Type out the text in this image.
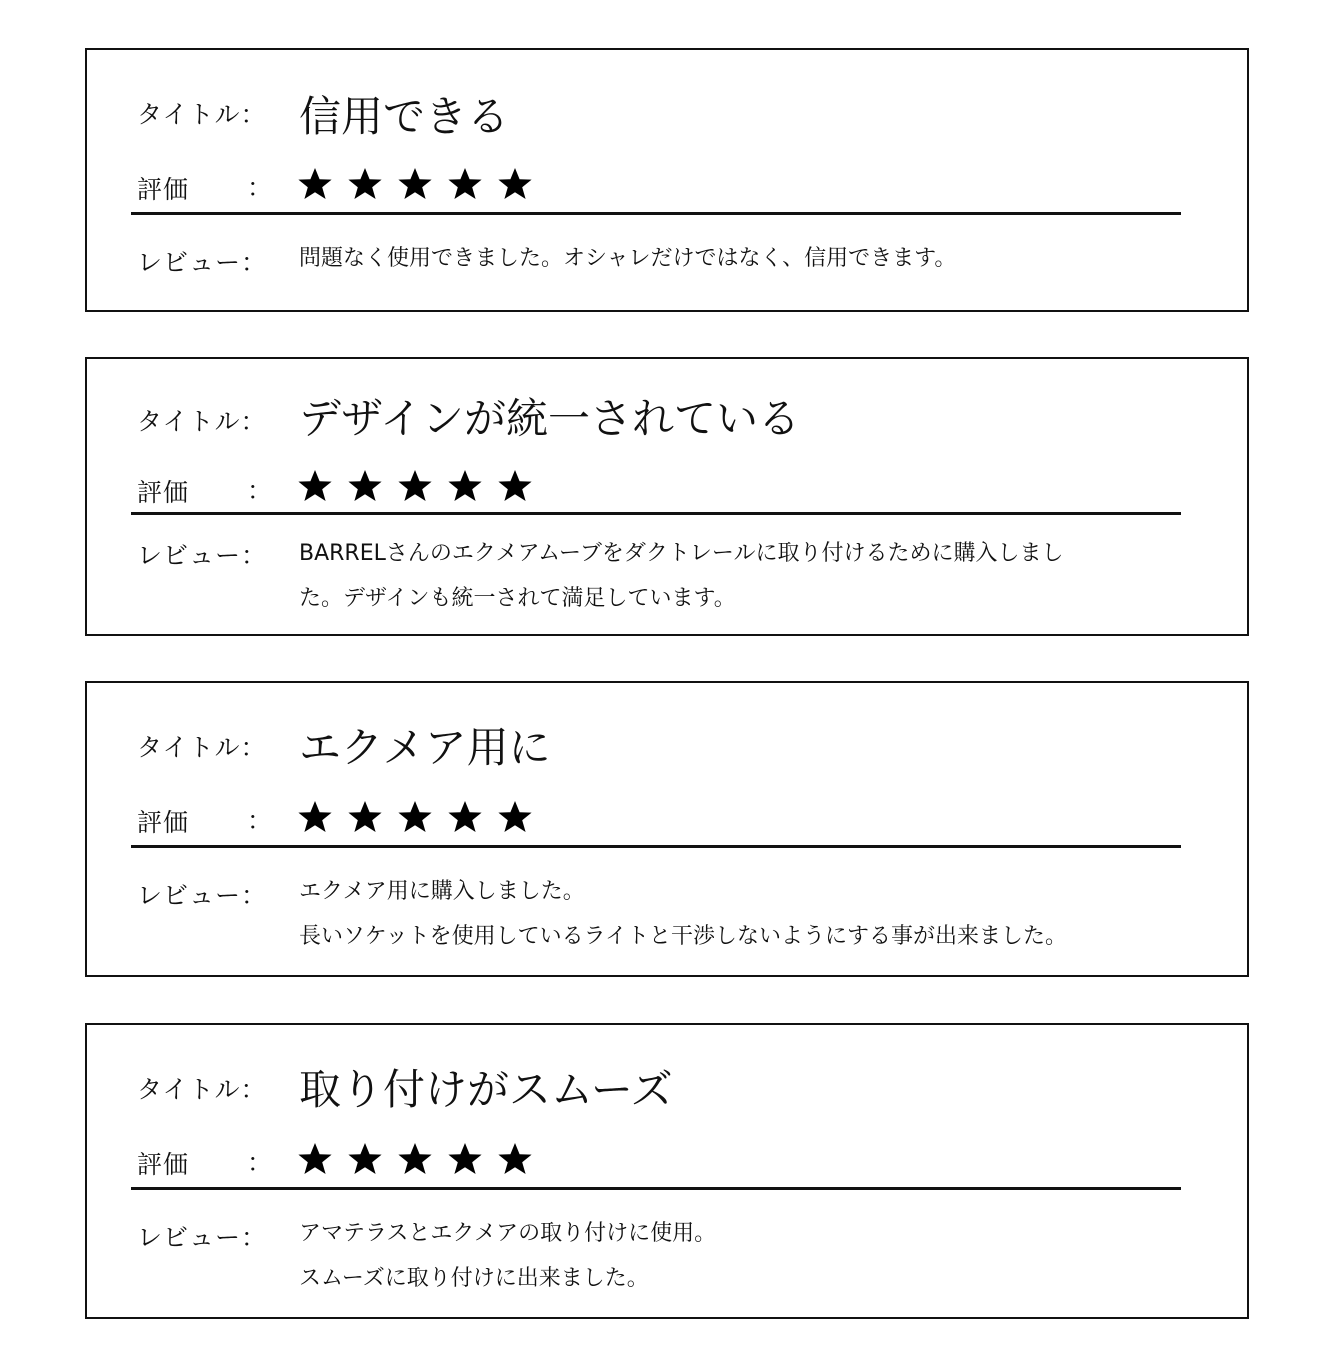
タイトル： 信用できる
評価 ：
レビュー： 問題なく使用できました。オシャレだけではなく、信用できます。
タイトル： デザインが統一されている
評価 ：
レビュー： BARRELさんのエクメアムーブをダクトレールに取り付けるために購入しまし
た。デザインも統一されて満足しています。
タイトル： エクメア用に
評価 ：
レビュー： エクメア用に購入しました。
長いソケットを使用しているライトと干渉しないようにする事が出来ました。
タイトル： 取り付けがスムーズ
評価 ：
レビュー： アマテラスとエクメアの取り付けに使用。
スムーズに取り付けに出来ました。
